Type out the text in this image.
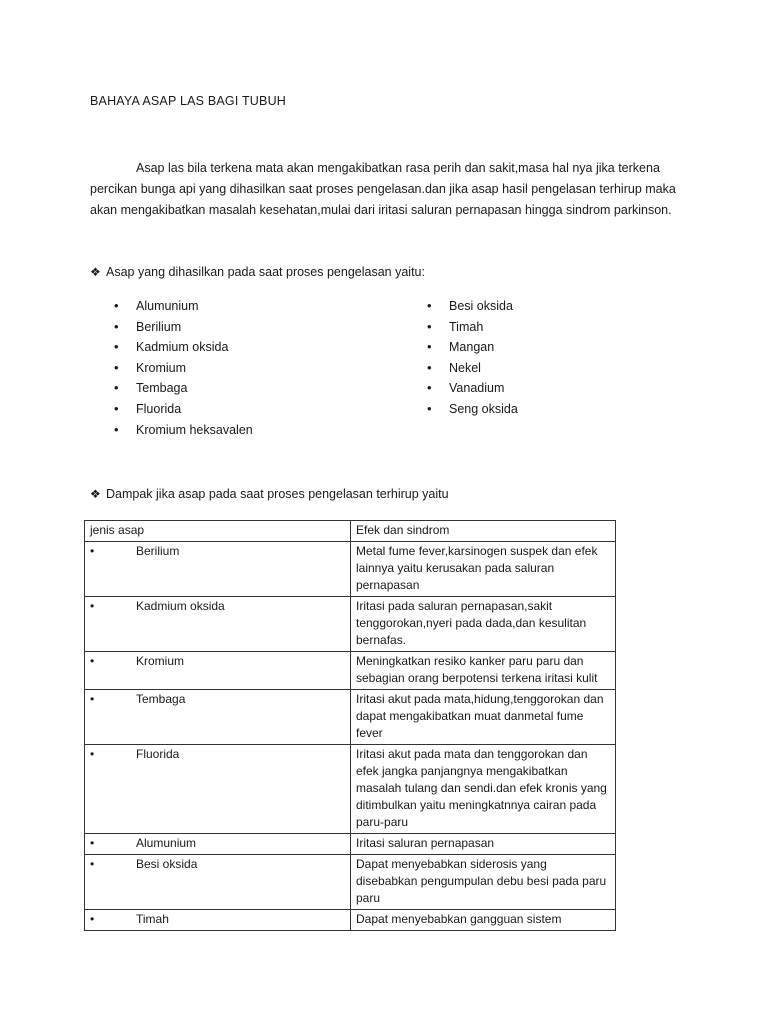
BAHAYA ASAP LAS BAGI TUBUH
Asap las bila terkena mata akan mengakibatkan rasa perih dan sakit,masa hal nya jika terkena percikan bunga api yang dihasilkan saat proses pengelasan.dan jika asap hasil pengelasan terhirup maka akan mengakibatkan masalah kesehatan,mulai dari iritasi saluran pernapasan hingga sindrom parkinson.
❖ Asap yang dihasilkan pada saat proses pengelasan yaitu:
• Alumunium
• Berilium
• Kadmium oksida
• Kromium
• Tembaga
• Fluorida
• Kromium heksavalen
• Besi oksida
• Timah
• Mangan
• Nekel
• Vanadium
• Seng oksida
❖ Dampak jika asap pada saat proses pengelasan terhirup yaitu
jenis asap	Efek dan sindrom
• Berilium	Metal fume fever,karsinogen suspek dan efek lainnya yaitu kerusakan pada saluran pernapasan
• Kadmium oksida	Iritasi pada saluran pernapasan,sakit tenggorokan,nyeri pada dada,dan kesulitan bernafas.
• Kromium	Meningkatkan resiko kanker paru paru dan sebagian orang berpotensi terkena iritasi kulit
• Tembaga	Iritasi akut pada mata,hidung,tenggorokan dan dapat mengakibatkan muat danmetal fume fever
• Fluorida	Iritasi akut pada mata dan tenggorokan dan efek jangka panjangnya mengakibatkan masalah tulang dan sendi.dan efek kronis yang ditimbulkan yaitu meningkatnnya cairan pada paru-paru
• Alumunium	Iritasi saluran pernapasan
• Besi oksida	Dapat menyebabkan siderosis yang disebabkan pengumpulan debu besi pada paru paru
• Timah	Dapat menyebabkan gangguan sistem
